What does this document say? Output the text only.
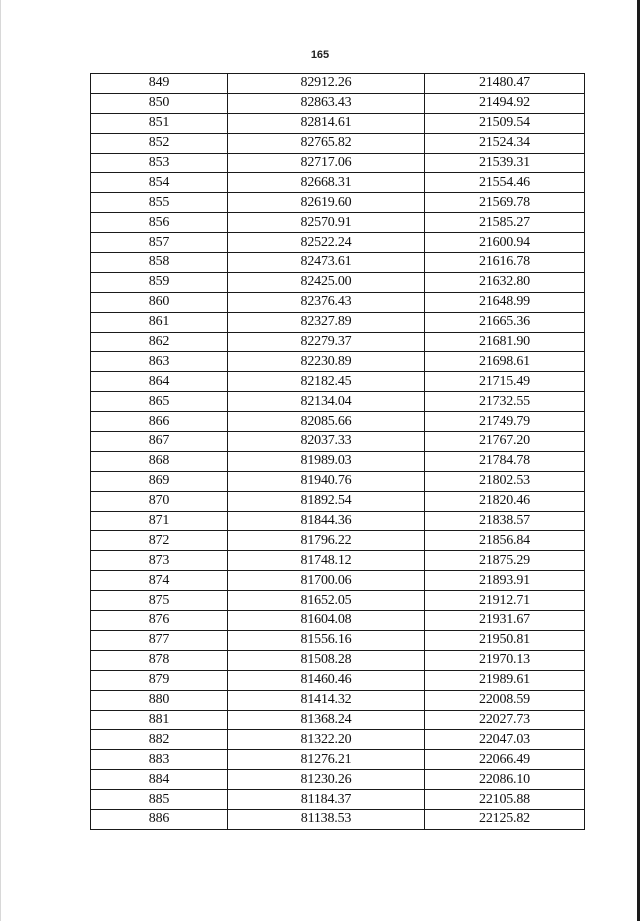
165
849	82912.26	21480.47
850	82863.43	21494.92
851	82814.61	21509.54
852	82765.82	21524.34
853	82717.06	21539.31
854	82668.31	21554.46
855	82619.60	21569.78
856	82570.91	21585.27
857	82522.24	21600.94
858	82473.61	21616.78
859	82425.00	21632.80
860	82376.43	21648.99
861	82327.89	21665.36
862	82279.37	21681.90
863	82230.89	21698.61
864	82182.45	21715.49
865	82134.04	21732.55
866	82085.66	21749.79
867	82037.33	21767.20
868	81989.03	21784.78
869	81940.76	21802.53
870	81892.54	21820.46
871	81844.36	21838.57
872	81796.22	21856.84
873	81748.12	21875.29
874	81700.06	21893.91
875	81652.05	21912.71
876	81604.08	21931.67
877	81556.16	21950.81
878	81508.28	21970.13
879	81460.46	21989.61
880	81414.32	22008.59
881	81368.24	22027.73
882	81322.20	22047.03
883	81276.21	22066.49
884	81230.26	22086.10
885	81184.37	22105.88
886	81138.53	22125.82
